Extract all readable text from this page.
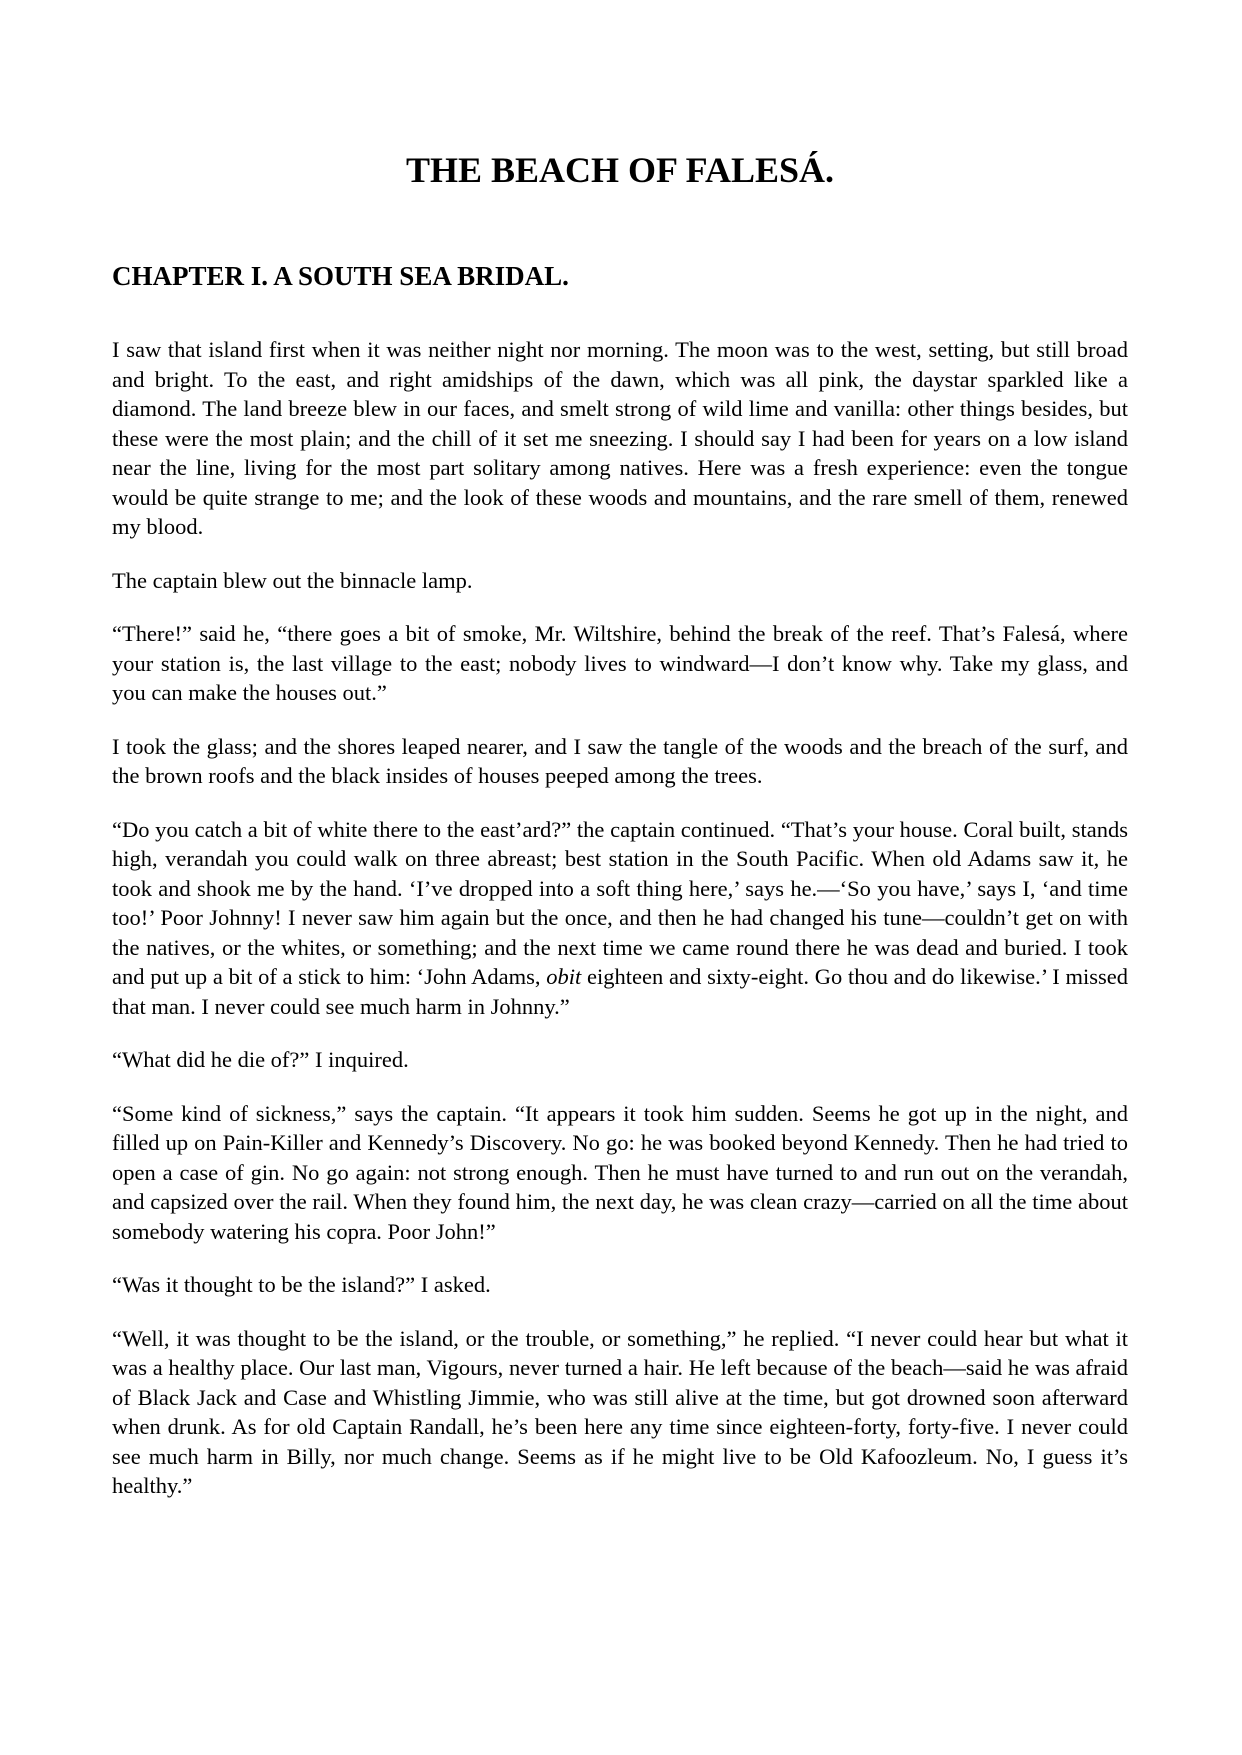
THE BEACH OF FALESÁ.
CHAPTER I. A SOUTH SEA BRIDAL.

I saw that island first when it was neither night nor morning. The moon was to the west, setting, but still broad and bright. To the east, and right amidships of the dawn, which was all pink, the daystar sparkled like a diamond. The land breeze blew in our faces, and smelt strong of wild lime and vanilla: other things besides, but these were the most plain; and the chill of it set me sneezing. I should say I had been for years on a low island near the line, living for the most part solitary among natives. Here was a fresh experience: even the tongue would be quite strange to me; and the look of these woods and mountains, and the rare smell of them, renewed my blood.

The captain blew out the binnacle lamp.

“There!” said he, “there goes a bit of smoke, Mr. Wiltshire, behind the break of the reef. That’s Falesá, where your station is, the last village to the east; nobody lives to windward—I don’t know why. Take my glass, and you can make the houses out.”

I took the glass; and the shores leaped nearer, and I saw the tangle of the woods and the breach of the surf, and the brown roofs and the black insides of houses peeped among the trees.

“Do you catch a bit of white there to the east’ard?” the captain continued. “That’s your house. Coral built, stands high, verandah you could walk on three abreast; best station in the South Pacific. When old Adams saw it, he took and shook me by the hand. ‘I’ve dropped into a soft thing here,’ says he.—‘So you have,’ says I, ‘and time too!’ Poor Johnny! I never saw him again but the once, and then he had changed his tune—couldn’t get on with the natives, or the whites, or something; and the next time we came round there he was dead and buried. I took and put up a bit of a stick to him: ‘John Adams, obit eighteen and sixty-eight. Go thou and do likewise.’ I missed that man. I never could see much harm in Johnny.”

“What did he die of?” I inquired.

“Some kind of sickness,” says the captain. “It appears it took him sudden. Seems he got up in the night, and filled up on Pain-Killer and Kennedy’s Discovery. No go: he was booked beyond Kennedy. Then he had tried to open a case of gin. No go again: not strong enough. Then he must have turned to and run out on the verandah, and capsized over the rail. When they found him, the next day, he was clean crazy—carried on all the time about somebody watering his copra. Poor John!”

“Was it thought to be the island?” I asked.

“Well, it was thought to be the island, or the trouble, or something,” he replied. “I never could hear but what it was a healthy place. Our last man, Vigours, never turned a hair. He left because of the beach—said he was afraid of Black Jack and Case and Whistling Jimmie, who was still alive at the time, but got drowned soon afterward when drunk. As for old Captain Randall, he’s been here any time since eighteen-forty, forty-five. I never could see much harm in Billy, nor much change. Seems as if he might live to be Old Kafoozleum. No, I guess it’s healthy.”
